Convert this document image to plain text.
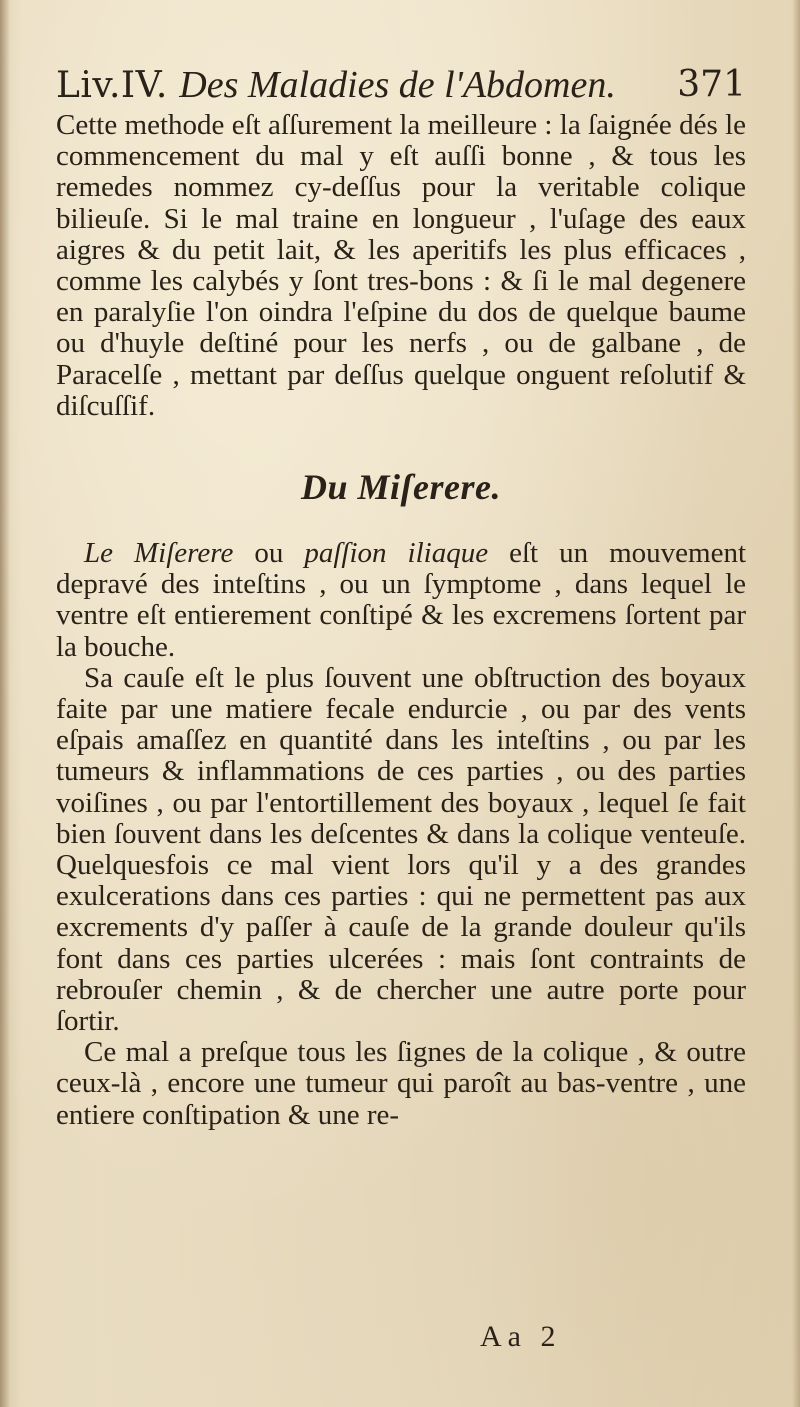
Liv.IV. Des Maladies de l'Abdomen. 371

Cette methode eſt aſſurement la meilleure : la ſaignée dés le commencement du mal y eſt auſſi bonne , & tous les remedes nommez cy-deſſus pour la veritable colique bilieuſe. Si le mal traine en longueur , l'uſage des eaux aigres & du petit lait, & les aperitifs les plus efficaces , comme les calybés y ſont tres-bons : & ſi le mal degenere en paralyſie l'on oindra l'eſpine du dos de quelque baume ou d'huyle deſtiné pour les nerfs , ou de galbane , de Paracelſe , mettant par deſſus quelque onguent reſolutif & diſcuſſif.

Du Miſerere.

Le Miſerere ou paſſion iliaque eſt un mouvement depravé des inteſtins , ou un ſymptome , dans lequel le ventre eſt entierement conſtipé & les excremens ſortent par la bouche.

Sa cauſe eſt le plus ſouvent une obſtruction des boyaux faite par une matiere fecale endurcie , ou par des vents eſpais amaſſez en quantité dans les inteſtins , ou par les tumeurs & inflammations de ces parties , ou des parties voiſines , ou par l'entortillement des boyaux , lequel ſe fait bien ſouvent dans les deſcentes & dans la colique venteuſe. Quelquesfois ce mal vient lors qu'il y a des grandes exulcerations dans ces parties : qui ne permettent pas aux excrements d'y paſſer à cauſe de la grande douleur qu'ils font dans ces parties ulcerées : mais ſont contraints de rebrouſer chemin , & de chercher une autre porte pour ſortir.

Ce mal a preſque tous les ſignes de la colique , & outre ceux-là , encore une tumeur qui paroît au bas-ventre , une entiere conſtipation & une re-

Aa 2
